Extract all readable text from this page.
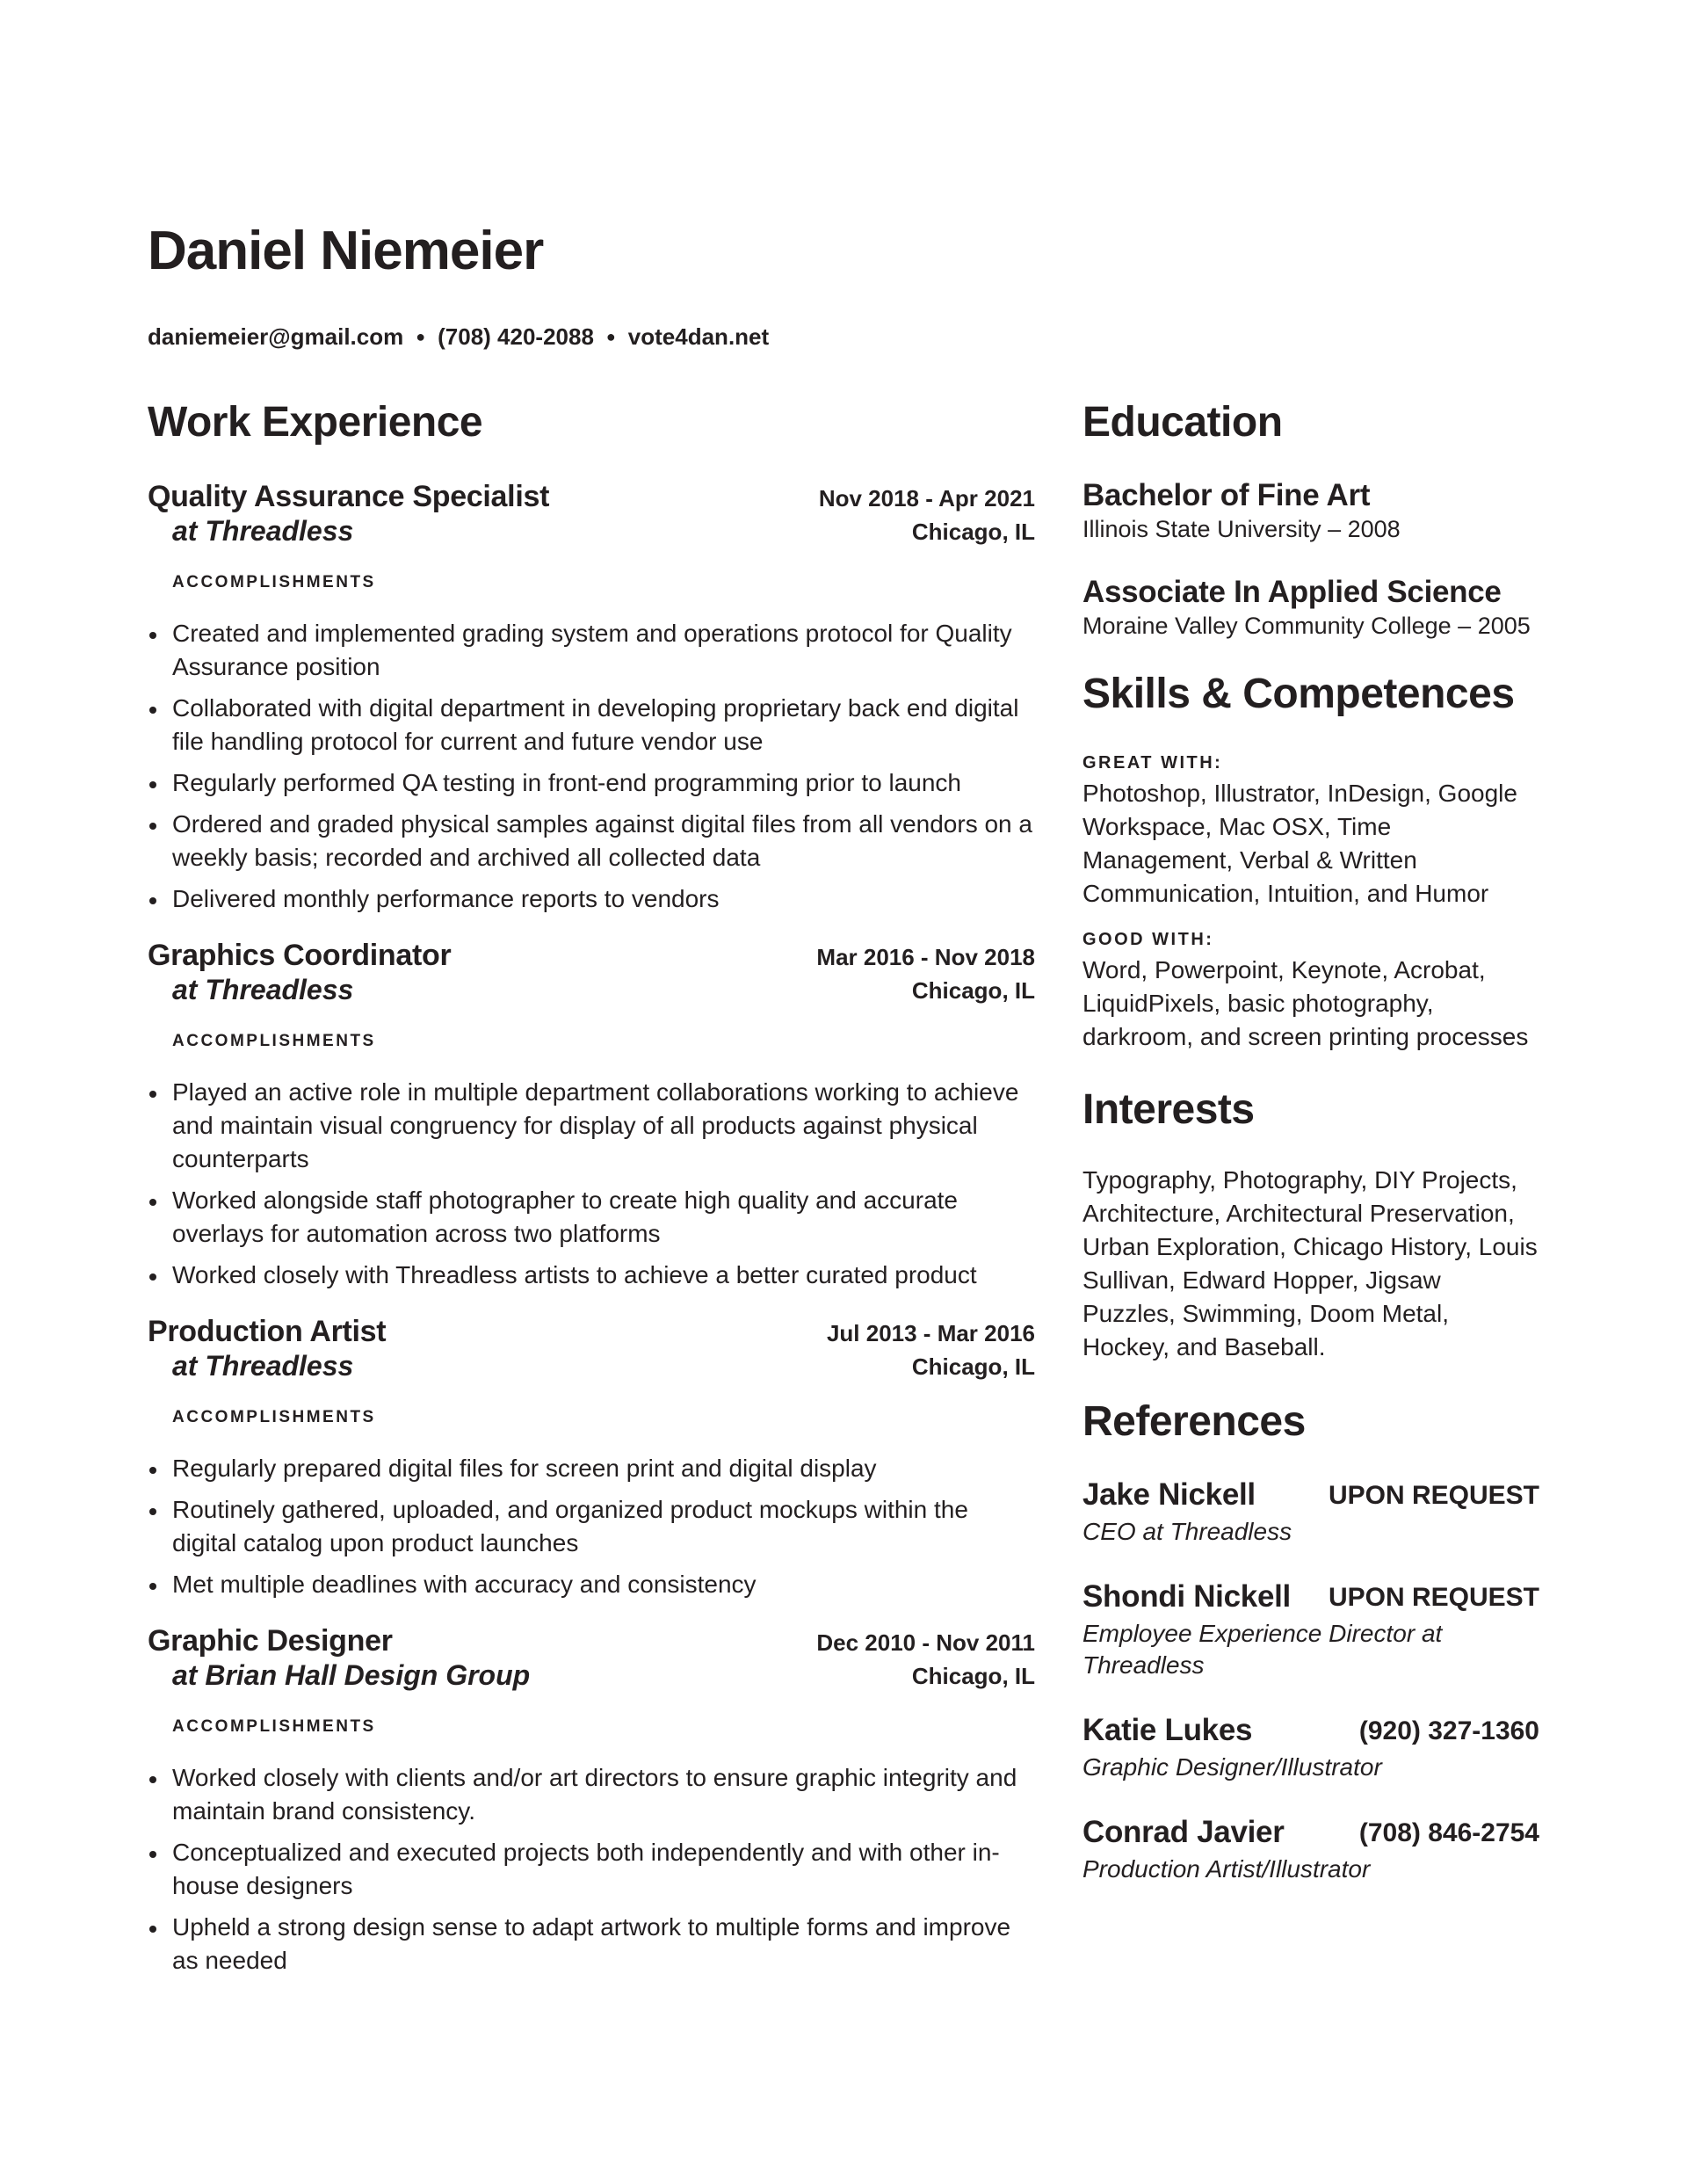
Daniel Niemeier
daniemeier@gmail.com ● (708) 420-2088 ● vote4dan.net
Work Experience
Quality Assurance Specialist	Nov 2018 - Apr 2021
at Threadless	Chicago, IL
ACCOMPLISHMENTS
Created and implemented grading system and operations protocol for Quality Assurance position
Collaborated with digital department in developing proprietary back end digital file handling protocol for current and future vendor use
Regularly performed QA testing in front-end programming prior to launch
Ordered and graded physical samples against digital files from all vendors on a weekly basis; recorded and archived all collected data
Delivered monthly performance reports to vendors
Graphics Coordinator	Mar 2016 - Nov 2018
at Threadless	Chicago, IL
ACCOMPLISHMENTS
Played an active role in multiple department collaborations working to achieve and maintain visual congruency for display of all products against physical counterparts
Worked alongside staff photographer to create high quality and accurate overlays for automation across two platforms
Worked closely with Threadless artists to achieve a better curated product
Production Artist	Jul 2013 - Mar 2016
at Threadless	Chicago, IL
ACCOMPLISHMENTS
Regularly prepared digital files for screen print and digital display
Routinely gathered, uploaded, and organized product mockups within the digital catalog upon product launches
Met multiple deadlines with accuracy and consistency
Graphic Designer	Dec 2010 - Nov 2011
at Brian Hall Design Group	Chicago, IL
ACCOMPLISHMENTS
Worked closely with clients and/or art directors to ensure graphic integrity and maintain brand consistency.
Conceptualized and executed projects both independently and with other in-house designers
Upheld a strong design sense to adapt artwork to multiple forms and improve as needed
Education
Bachelor of Fine Art
Illinois State University – 2008
Associate In Applied Science
Moraine Valley Community College – 2005
Skills & Competences
GREAT WITH:
Photoshop, Illustrator, InDesign, Google Workspace, Mac OSX, Time Management, Verbal & Written Communication, Intuition, and Humor
GOOD WITH:
Word, Powerpoint, Keynote, Acrobat, LiquidPixels, basic photography, darkroom, and screen printing processes
Interests
Typography, Photography, DIY Projects, Architecture, Architectural Preservation, Urban Exploration, Chicago History, Louis Sullivan, Edward Hopper, Jigsaw Puzzles, Swimming, Doom Metal, Hockey, and Baseball.
References
Jake Nickell	UPON REQUEST
CEO at Threadless
Shondi Nickell UPON REQUEST
Employee Experience Director at Threadless
Katie Lukes	(920) 327-1360
Graphic Designer/Illustrator
Conrad Javier	(708) 846-2754
Production Artist/Illustrator
